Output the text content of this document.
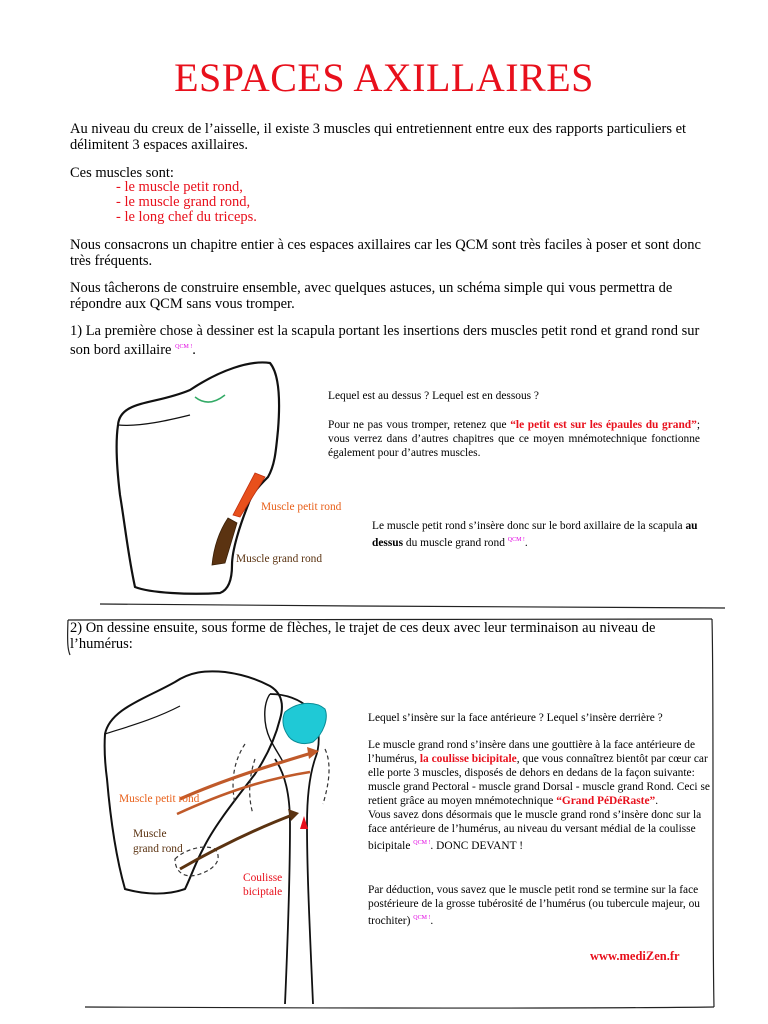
ESPACES AXILLAIRES

Au niveau du creux de l’aisselle, il existe 3 muscles qui entretiennent entre eux des rapports particuliers et délimitent 3 espaces axillaires.

Ces muscles sont:

- le muscle petit rond,

- le muscle grand rond,

- le long chef du triceps.

Nous consacrons un chapitre entier à ces espaces axillaires car les QCM sont très faciles à poser et sont donc très fréquents.

Nous tâcherons de construire ensemble, avec quelques astuces, un schéma simple qui vous permettra de répondre aux QCM sans vous tromper.

1) La première chose à dessiner est la scapula portant les insertions ders muscles petit rond et grand rond sur son bord axillaire $^{QCM !}$.

Muscle petit rond

Muscle grand rond

Lequel est au dessus ? Lequel est en dessous ?

Pour ne pas vous tromper, retenez que “le petit est sur les épaules du grand”; vous verrez dans d’autres chapitres que ce moyen mnémotechnique fonctionne également pour d’autres muscles.

Le muscle petit rond s’insère donc sur le bord axillaire de la scapula au dessus du muscle grand rond $^{QCM !}$.

2) On dessine ensuite, sous forme de flèches, le trajet de ces deux avec leur terminaison au niveau de l’humérus:

Muscle petit rond

Muscle

grand rond

Coulisse

biciptale

Lequel s’insère sur la face antérieure ? Lequel s’insère derrière ?

Le muscle grand rond s’insère dans une gouttière à la face antérieure de l’humérus, la coulisse bicipitale, que vous connaîtrez bientôt par cœur car elle porte 3 muscles, disposés de dehors en dedans de la façon suivante: muscle grand Pectoral - muscle grand Dorsal - muscle grand Rond. Ceci se retient grâce au moyen mnémotechnique “Grand PéDéRaste”.
Vous savez dons désormais que le muscle grand rond s’insère donc sur la face antérieure de l’humérus, au niveau du versant médial de la coulisse bicipitale $^{QCM !}$. DONC DEVANT !

Par déduction, vous savez que le muscle petit rond se termine sur la face postérieure de la grosse tubérosité de l’humérus (ou tubercule majeur, ou trochiter) $^{QCM !}$.

www.mediZen.fr
